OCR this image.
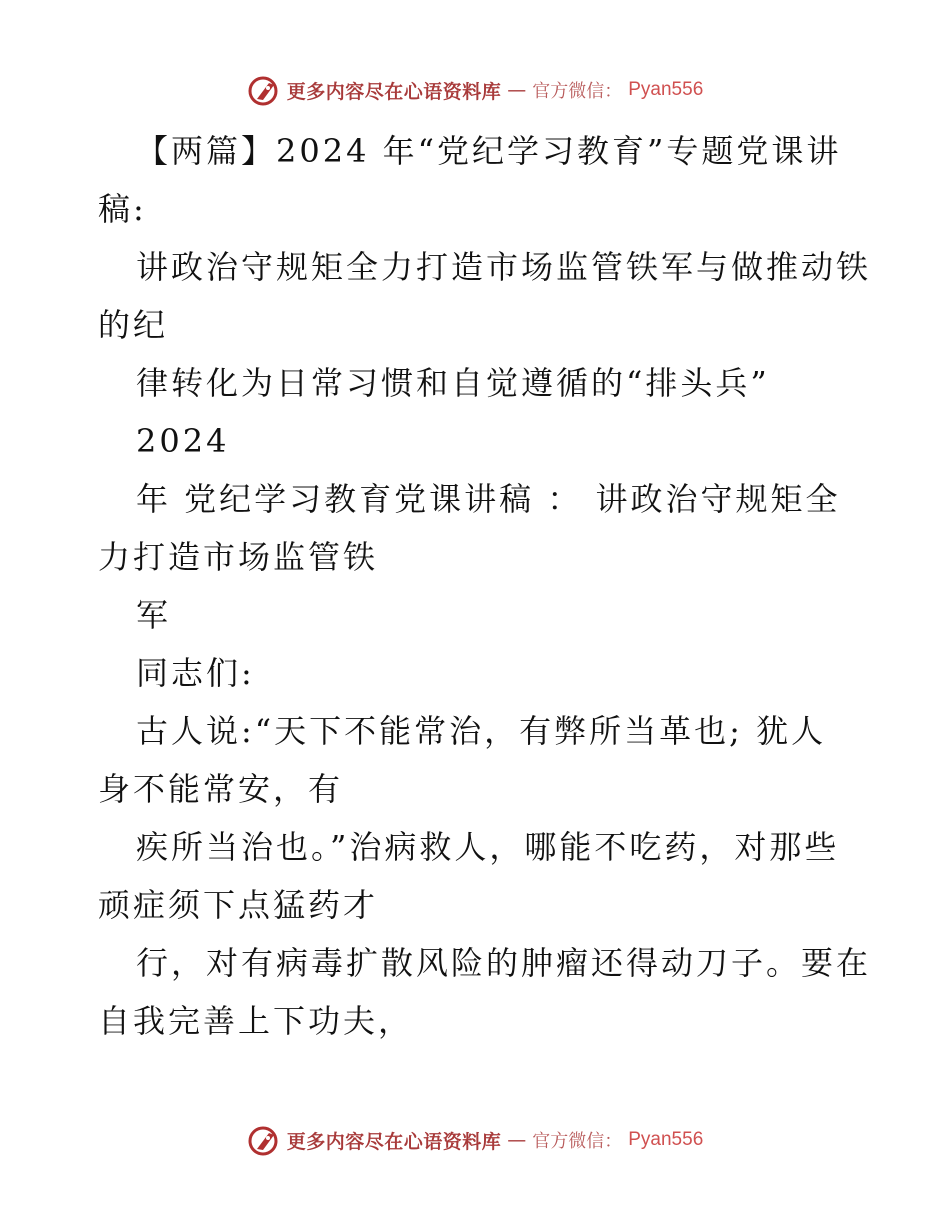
更多内容尽在心语资料库 — 官方微信： Pyan556
【两篇】2024 年“党纪学习教育”专题党课讲
稿:
讲政治守规矩全力打造市场监管铁军与做推动铁
的纪
律转化为日常习惯和自觉遵循的“排头兵”
2024
年 党纪学习教育党课讲稿 ： 讲政治守规矩全
力打造市场监管铁
军
同志们:
古人说:“天下不能常治，有弊所当革也; 犹人
身不能常安，有
疾所当治也。”治病救人，哪能不吃药，对那些
顽症须下点猛药才
行，对有病毒扩散风险的肿瘤还得动刀子。要在
自我完善上下功夫，
更多内容尽在心语资料库 — 官方微信： Pyan556
